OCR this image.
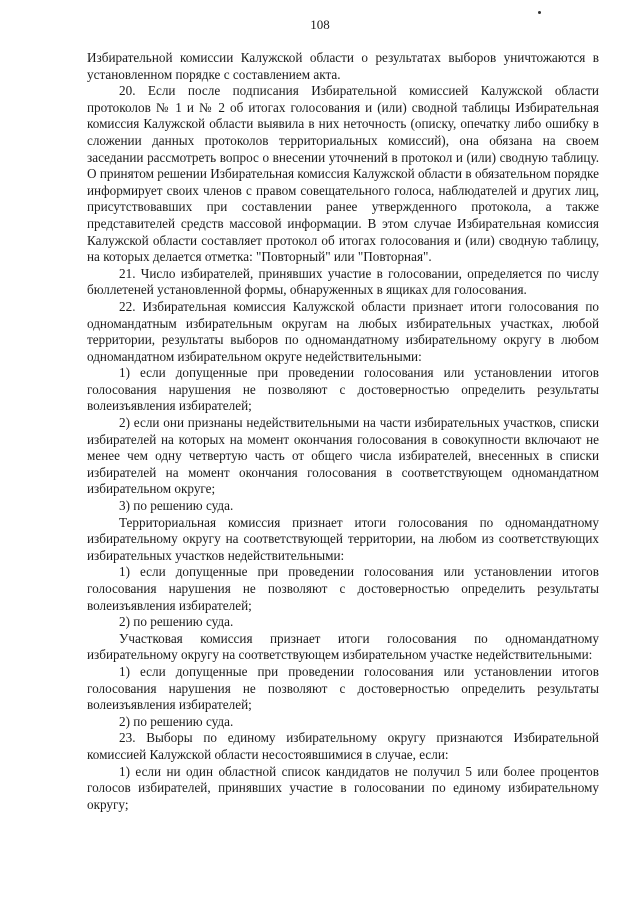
108

Избирательной комиссии Калужской области о результатах выборов уничтожаются в установленном порядке с составлением акта.

20. Если после подписания Избирательной комиссией Калужской области протоколов № 1 и № 2 об итогах голосования и (или) сводной таблицы Избирательная комиссия Калужской области выявила в них неточность (описку, опечатку либо ошибку в сложении данных протоколов территориальных комиссий), она обязана на своем заседании рассмотреть вопрос о внесении уточнений в протокол и (или) сводную таблицу. О принятом решении Избирательная комиссия Калужской области в обязательном порядке информирует своих членов с правом совещательного голоса, наблюдателей и других лиц, присутствовавших при составлении ранее утвержденного протокола, а также представителей средств массовой информации. В этом случае Избирательная комиссия Калужской области составляет протокол об итогах голосования и (или) сводную таблицу, на которых делается отметка: "Повторный" или "Повторная".

21. Число избирателей, принявших участие в голосовании, определяется по числу бюллетеней установленной формы, обнаруженных в ящиках для голосования.

22. Избирательная комиссия Калужской области признает итоги голосования по одномандатным избирательным округам на любых избирательных участках, любой территории, результаты выборов по одномандатному избирательному округу в любом одномандатном избирательном округе недействительными:

1) если допущенные при проведении голосования или установлении итогов голосования нарушения не позволяют с достоверностью определить результаты волеизъявления избирателей;

2) если они признаны недействительными на части избирательных участков, списки избирателей на которых на момент окончания голосования в совокупности включают не менее чем одну четвертую часть от общего числа избирателей, внесенных в списки избирателей на момент окончания голосования в соответствующем одномандатном избирательном округе;

3) по решению суда.

Территориальная комиссия признает итоги голосования по одномандатному избирательному округу на соответствующей территории, на любом из соответствующих избирательных участков недействительными:

1) если допущенные при проведении голосования или установлении итогов голосования нарушения не позволяют с достоверностью определить результаты волеизъявления избирателей;

2) по решению суда.

Участковая комиссия признает итоги голосования по одномандатному избирательному округу на соответствующем избирательном участке недействительными:

1) если допущенные при проведении голосования или установлении итогов голосования нарушения не позволяют с достоверностью определить результаты волеизъявления избирателей;

2) по решению суда.

23. Выборы по единому избирательному округу признаются Избирательной комиссией Калужской области несостоявшимися в случае, если:

1) если ни один областной список кандидатов не получил 5 или более процентов голосов избирателей, принявших участие в голосовании по единому избирательному округу;
